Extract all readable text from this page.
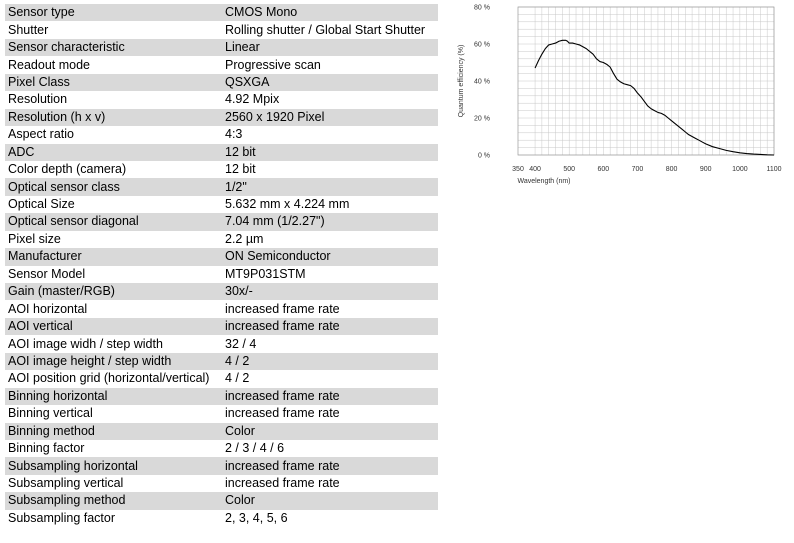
Sensor type	CMOS Mono
Shutter	Rolling shutter / Global Start Shutter
Sensor characteristic	Linear
Readout mode	Progressive scan
Pixel Class	QSXGA
Resolution	4.92 Mpix
Resolution (h x v)	2560 x 1920 Pixel
Aspect ratio	4:3
ADC	12 bit
Color depth (camera)	12 bit
Optical sensor class	1/2"
Optical Size	5.632 mm x 4.224 mm
Optical sensor diagonal	7.04 mm (1/2.27")
Pixel size	2.2 µm
Manufacturer	ON Semiconductor
Sensor Model	MT9P031STM
Gain (master/RGB)	30x/-
AOI horizontal	increased frame rate
AOI vertical	increased frame rate
AOI image widh / step width	32 / 4
AOI image height / step width	4 / 2
AOI position grid (horizontal/vertical)	4 / 2
Binning horizontal	increased frame rate
Binning vertical	increased frame rate
Binning method	Color
Binning factor	2 / 3 / 4 / 6
Subsampling horizontal	increased frame rate
Subsampling vertical	increased frame rate
Subsampling method	Color
Subsampling factor	2, 3, 4, 5, 6
350 400	500	600	700	800	900	1000	1100
0 %
20 %
40 %
60 %
80 %
Wavelength (nm)
Quantum efficiency (%)
